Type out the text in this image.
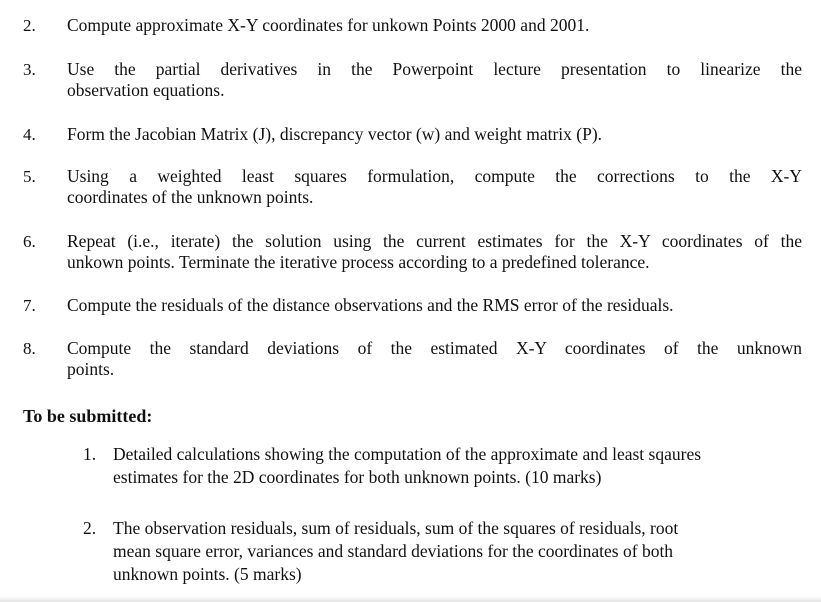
2. Compute approximate X-Y coordinates for unkown Points 2000 and 2001.
3. Use the partial derivatives in the Powerpoint lecture presentation to linearize the
observation equations.
4. Form the Jacobian Matrix (J), discrepancy vector (w) and weight matrix (P).
5. Using a weighted least squares formulation, compute the corrections to the X-Y
coordinates of the unknown points.
6. Repeat (i.e., iterate) the solution using the current estimates for the X-Y coordinates of the
unkown points. Terminate the iterative process according to a predefined tolerance.
7. Compute the residuals of the distance observations and the RMS error of the residuals.
8. Compute the standard deviations of the estimated X-Y coordinates of the unknown
points.
To be submitted:
1. Detailed calculations showing the computation of the approximate and least sqaures
estimates for the 2D coordinates for both unknown points. (10 marks)
2. The observation residuals, sum of residuals, sum of the squares of residuals, root
mean square error, variances and standard deviations for the coordinates of both
unknown points. (5 marks)
